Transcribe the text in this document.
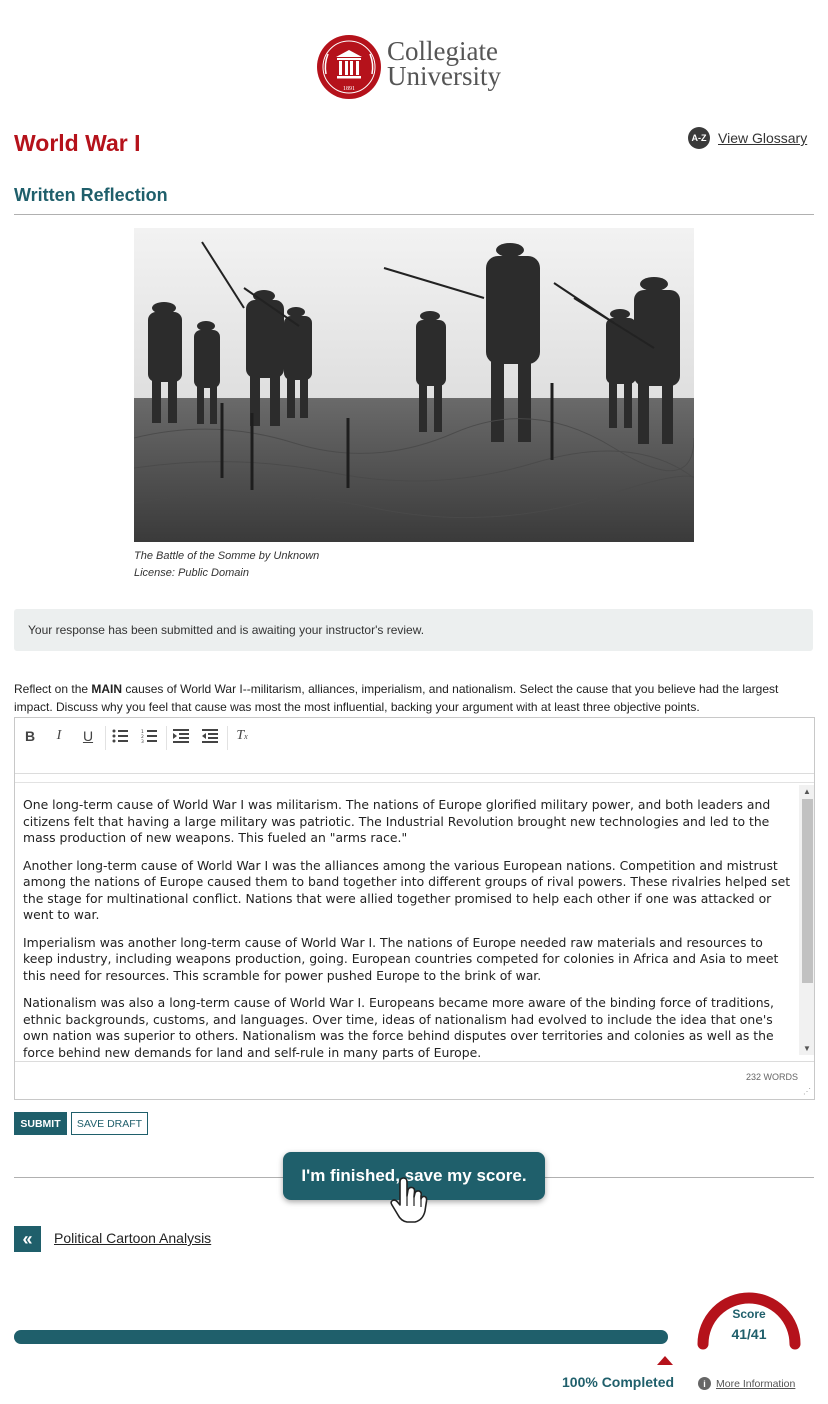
1891
Collegiate
University
World War I	A-Z View Glossary
Written Reflection
The Battle of the Somme by Unknown
License: Public Domain
Your response has been submitted and is awaiting your instructor's review.
Reflect on the MAIN causes of World War I--militarism, alliances, imperialism, and nationalism. Select the cause that you believe had the largest impact. Discuss why you feel that cause was most the most influential, backing your argument with at least three objective points.
B	I	U	1
2
3	T x

One long-term cause of World War I was militarism. The nations of Europe glorified military power, and both leaders and citizens felt that having a large military was patriotic. The Industrial Revolution brought new technologies and led to the mass production of new weapons. This fueled an "arms race."

Another long-term cause of World War I was the alliances among the various European nations. Competition and mistrust among the nations of Europe caused them to band together into different groups of rival powers. These rivalries helped set the stage for multinational conflict. Nations that were allied together promised to help each other if one was attacked or went to war.

Imperialism was another long-term cause of World War I. The nations of Europe needed raw materials and resources to keep industry, including weapons production, going. European countries competed for colonies in Africa and Asia to meet this need for resources. This scramble for power pushed Europe to the brink of war.

Nationalism was also a long-term cause of World War I. Europeans became more aware of the binding force of traditions, ethnic backgrounds, customs, and languages. Over time, ideas of nationalism had evolved to include the idea that one's own nation was superior to others. Nationalism was the force behind disputes over territories and colonies as well as the force behind new demands for land and self-rule in many parts of Europe.

▲
▼
232 WORDS
⋰
SUBMIT	SAVE DRAFT
I'm finished, save my score.
«	Political Cartoon Analysis
100% Completed
Score
41/41
i More Information
